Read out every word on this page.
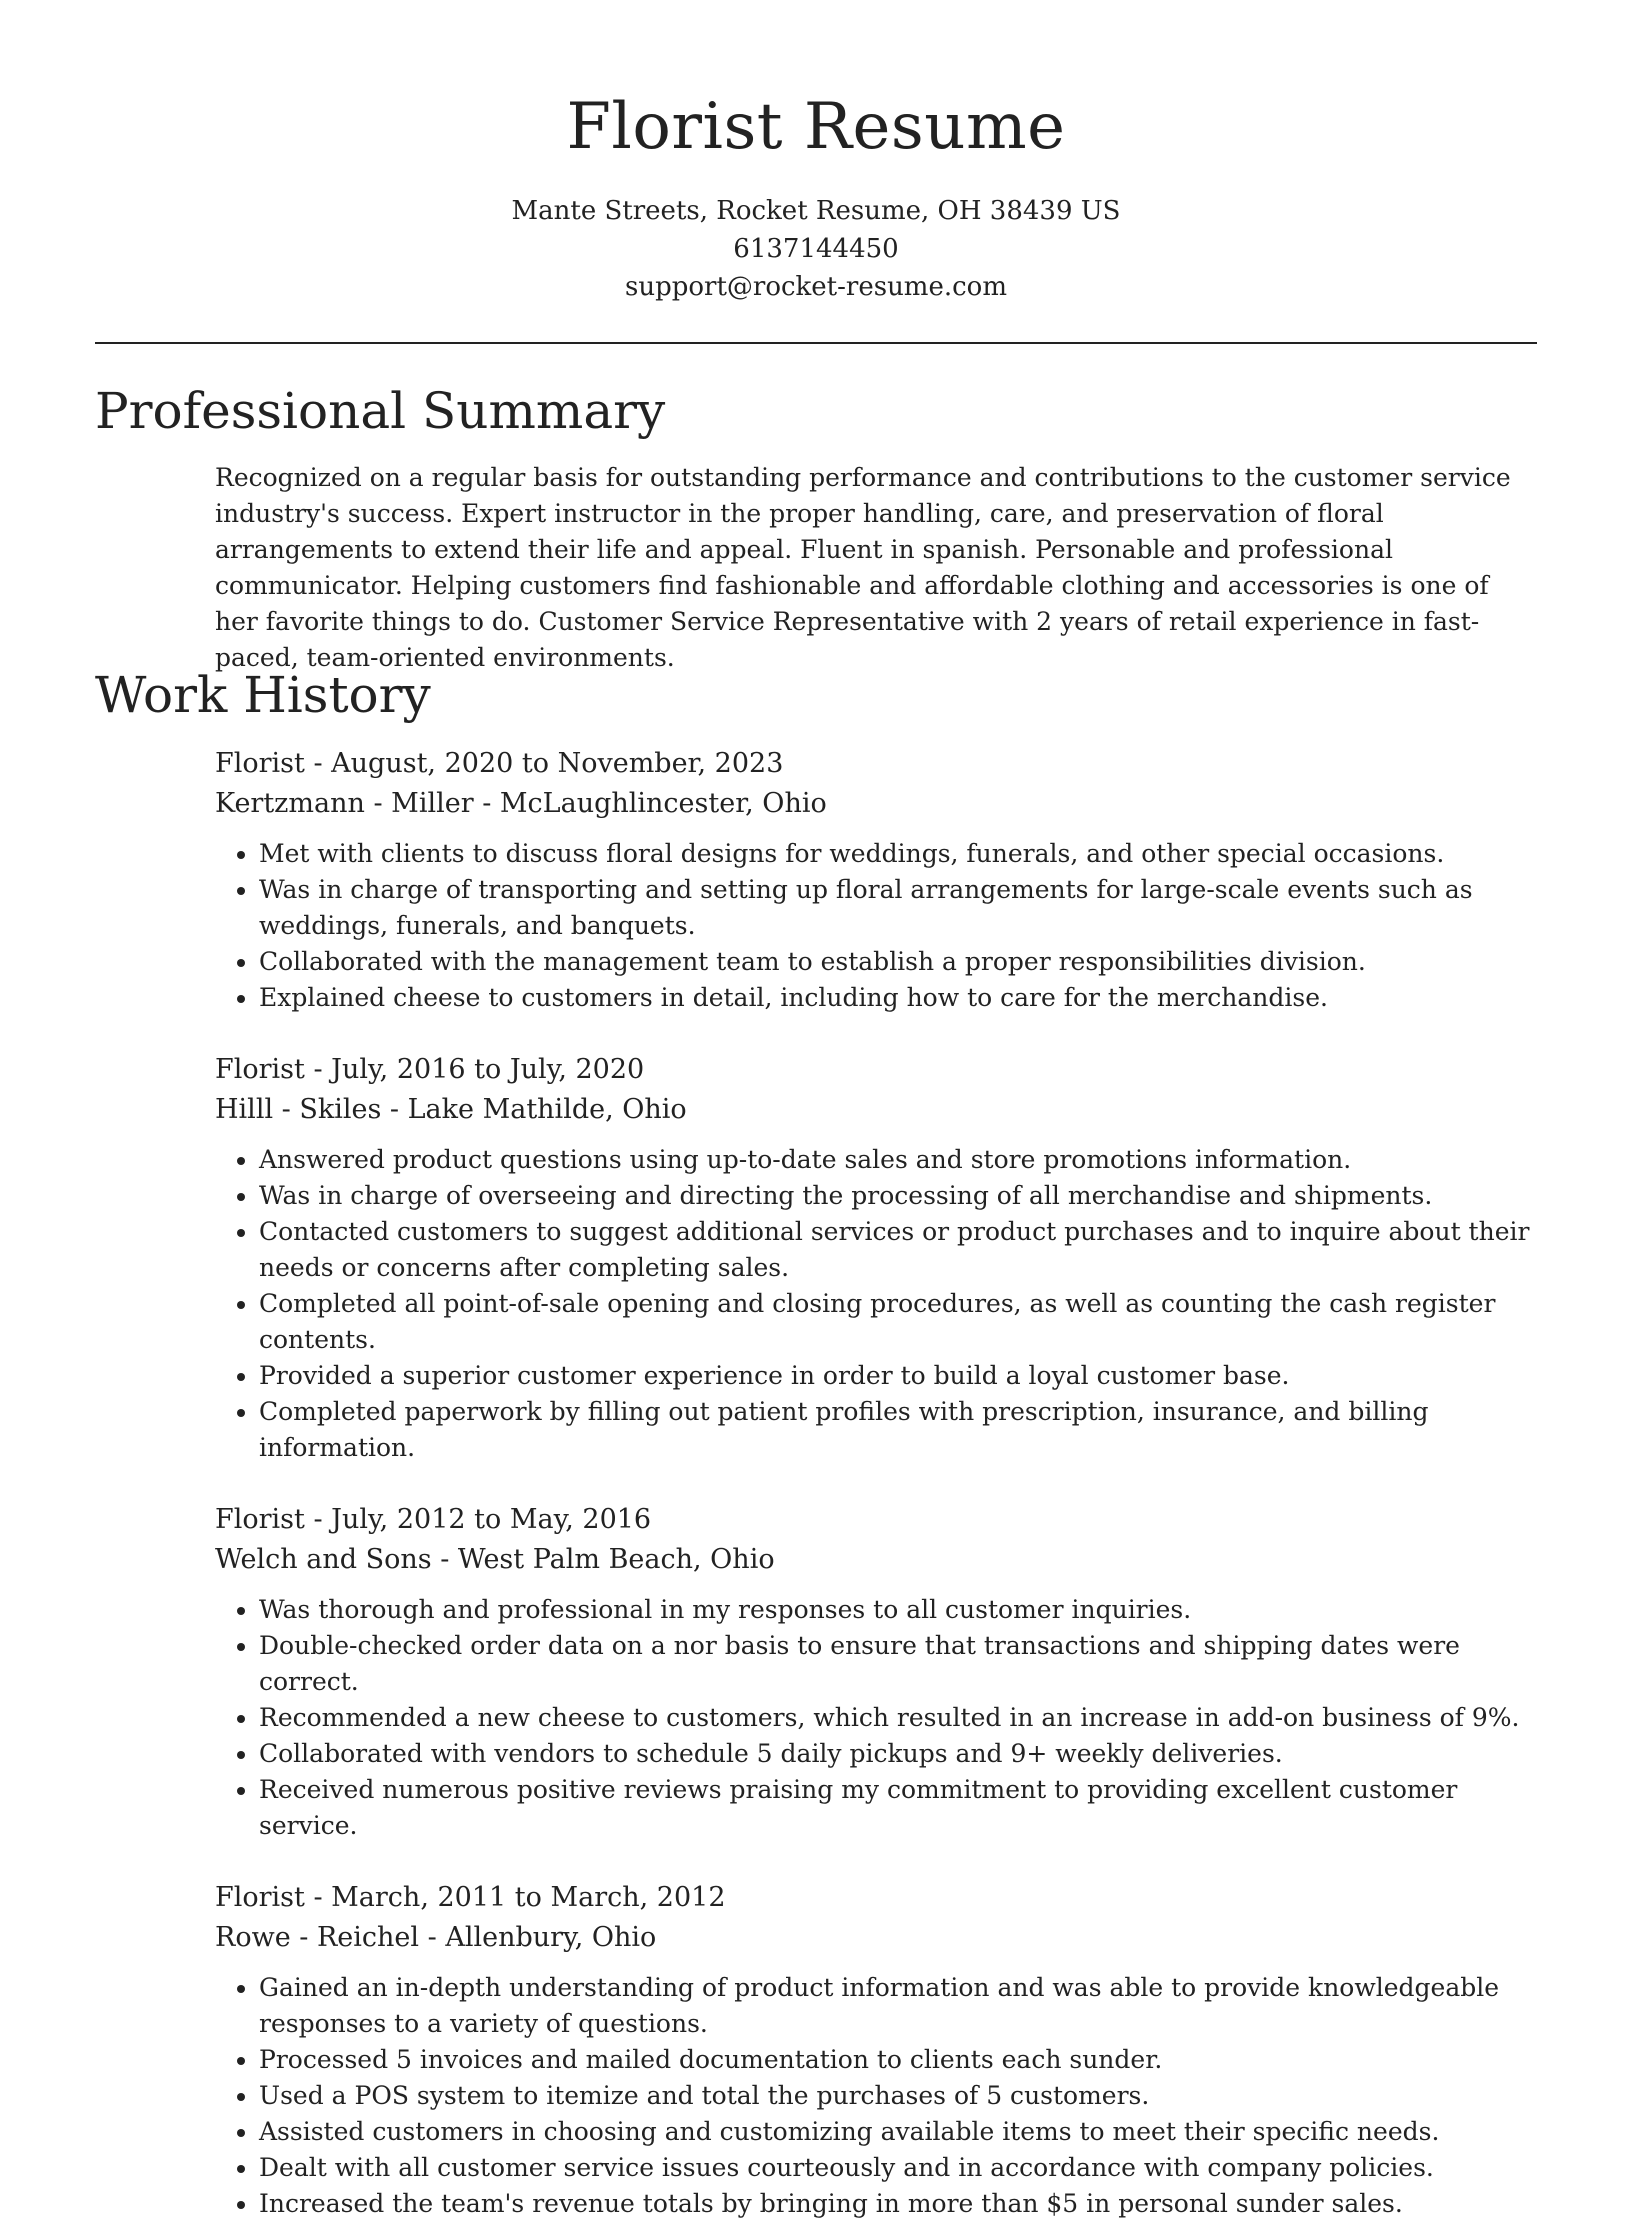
Florist Resume
Mante Streets, Rocket Resume, OH 38439 US
6137144450
support@rocket-resume.com
Professional Summary
Recognized on a regular basis for outstanding performance and contributions to the customer service industry's success. Expert instructor in the proper handling, care, and preservation of floral arrangements to extend their life and appeal. Fluent in spanish. Personable and professional communicator. Helping customers find fashionable and affordable clothing and accessories is one of her favorite things to do. Customer Service Representative with 2 years of retail experience in fast-paced, team-oriented environments.
Work History
Florist - August, 2020 to November, 2023
Kertzmann - Miller - McLaughlincester, Ohio
• Met with clients to discuss floral designs for weddings, funerals, and other special occasions.
• Was in charge of transporting and setting up floral arrangements for large-scale events such as weddings, funerals, and banquets.
• Collaborated with the management team to establish a proper responsibilities division.
• Explained cheese to customers in detail, including how to care for the merchandise.
Florist - July, 2016 to July, 2020
Hilll - Skiles - Lake Mathilde, Ohio
• Answered product questions using up-to-date sales and store promotions information.
• Was in charge of overseeing and directing the processing of all merchandise and shipments.
• Contacted customers to suggest additional services or product purchases and to inquire about their needs or concerns after completing sales.
• Completed all point-of-sale opening and closing procedures, as well as counting the cash register contents.
• Provided a superior customer experience in order to build a loyal customer base.
• Completed paperwork by filling out patient profiles with prescription, insurance, and billing information.
Florist - July, 2012 to May, 2016
Welch and Sons - West Palm Beach, Ohio
• Was thorough and professional in my responses to all customer inquiries.
• Double-checked order data on a nor basis to ensure that transactions and shipping dates were correct.
• Recommended a new cheese to customers, which resulted in an increase in add-on business of 9%.
• Collaborated with vendors to schedule 5 daily pickups and 9+ weekly deliveries.
• Received numerous positive reviews praising my commitment to providing excellent customer service.
Florist - March, 2011 to March, 2012
Rowe - Reichel - Allenbury, Ohio
• Gained an in-depth understanding of product information and was able to provide knowledgeable responses to a variety of questions.
• Processed 5 invoices and mailed documentation to clients each sunder.
• Used a POS system to itemize and total the purchases of 5 customers.
• Assisted customers in choosing and customizing available items to meet their specific needs.
• Dealt with all customer service issues courteously and in accordance with company policies.
• Increased the team's revenue totals by bringing in more than $5 in personal sunder sales.
